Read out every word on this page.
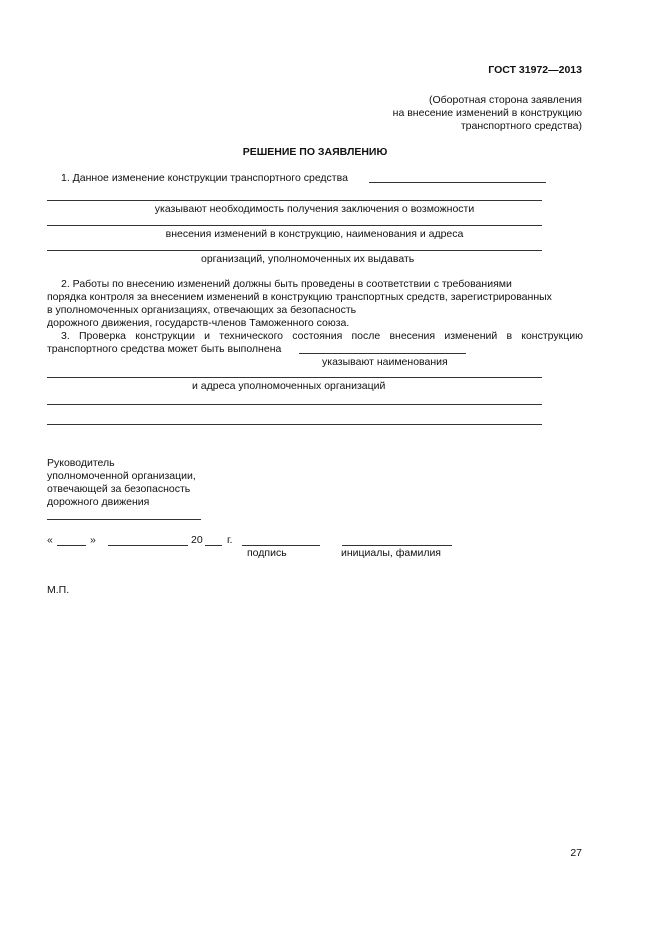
ГОСТ 31972—2013
(Оборотная сторона заявления
на внесение изменений в конструкцию
транспортного средства)
РЕШЕНИЕ ПО ЗАЯВЛЕНИЮ
1. Данное изменение конструкции транспортного средства
указывают необходимость получения заключения о возможности
внесения изменений в конструкцию, наименования и адреса
организаций, уполномоченных их выдавать
2. Работы по внесению изменений должны быть проведены в соответствии с требованиями
порядка контроля за внесением изменений в конструкцию транспортных средств, зарегистрированных
в уполномоченных организациях, отвечающих за безопасность
дорожного движения, государств-членов Таможенного союза.
3. Проверка конструкции и технического состояния после внесения изменений в конструкцию
транспортного средства может быть выполнена
указывают наименования
и адреса уполномоченных организаций
Руководитель
уполномоченной организации,
отвечающей за безопасность
дорожного движения
«	»	20 г.
подпись	инициалы, фамилия
М.П.
27
